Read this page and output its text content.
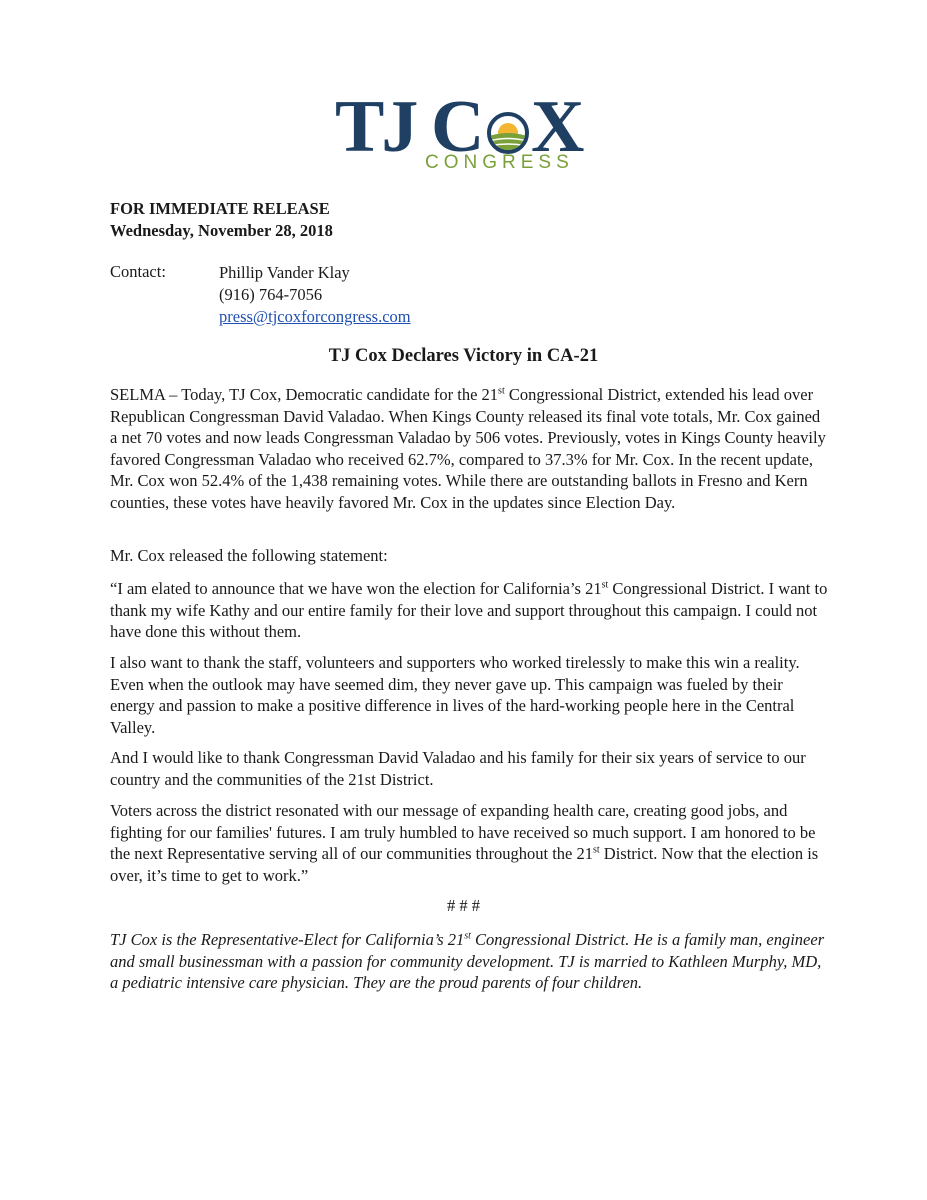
TJ C X
CONGRESS
FOR IMMEDIATE RELEASE
Wednesday, November 28, 2018
Contact:	Phillip Vander Klay
(916) 764-7056
press@tjcoxforcongress.com
TJ Cox Declares Victory in CA-21
SELMA – Today, TJ Cox, Democratic candidate for the 21st Congressional District, extended his lead over Republican Congressman David Valadao. When Kings County released its final vote totals, Mr. Cox gained a net 70 votes and now leads Congressman Valadao by 506 votes. Previously, votes in Kings County heavily favored Congressman Valadao who received 62.7%, compared to 37.3% for Mr. Cox. In the recent update, Mr. Cox won 52.4% of the 1,438 remaining votes. While there are outstanding ballots in Fresno and Kern counties, these votes have heavily favored Mr. Cox in the updates since Election Day.
Mr. Cox released the following statement:
“I am elated to announce that we have won the election for California’s 21st Congressional District. I want to thank my wife Kathy and our entire family for their love and support throughout this campaign. I could not have done this without them.
I also want to thank the staff, volunteers and supporters who worked tirelessly to make this win a reality. Even when the outlook may have seemed dim, they never gave up. This campaign was fueled by their energy and passion to make a positive difference in lives of the hard-working people here in the Central Valley.
And I would like to thank Congressman David Valadao and his family for their six years of service to our country and the communities of the 21st District.
Voters across the district resonated with our message of expanding health care, creating good jobs, and fighting for our families' futures. I am truly humbled to have received so much support. I am honored to be the next Representative serving all of our communities throughout the 21st District. Now that the election is over, it’s time to get to work.”
# # #
TJ Cox is the Representative-Elect for California’s 21st Congressional District. He is a family man, engineer and small businessman with a passion for community development. TJ is married to Kathleen Murphy, MD, a pediatric intensive care physician. They are the proud parents of four children.
